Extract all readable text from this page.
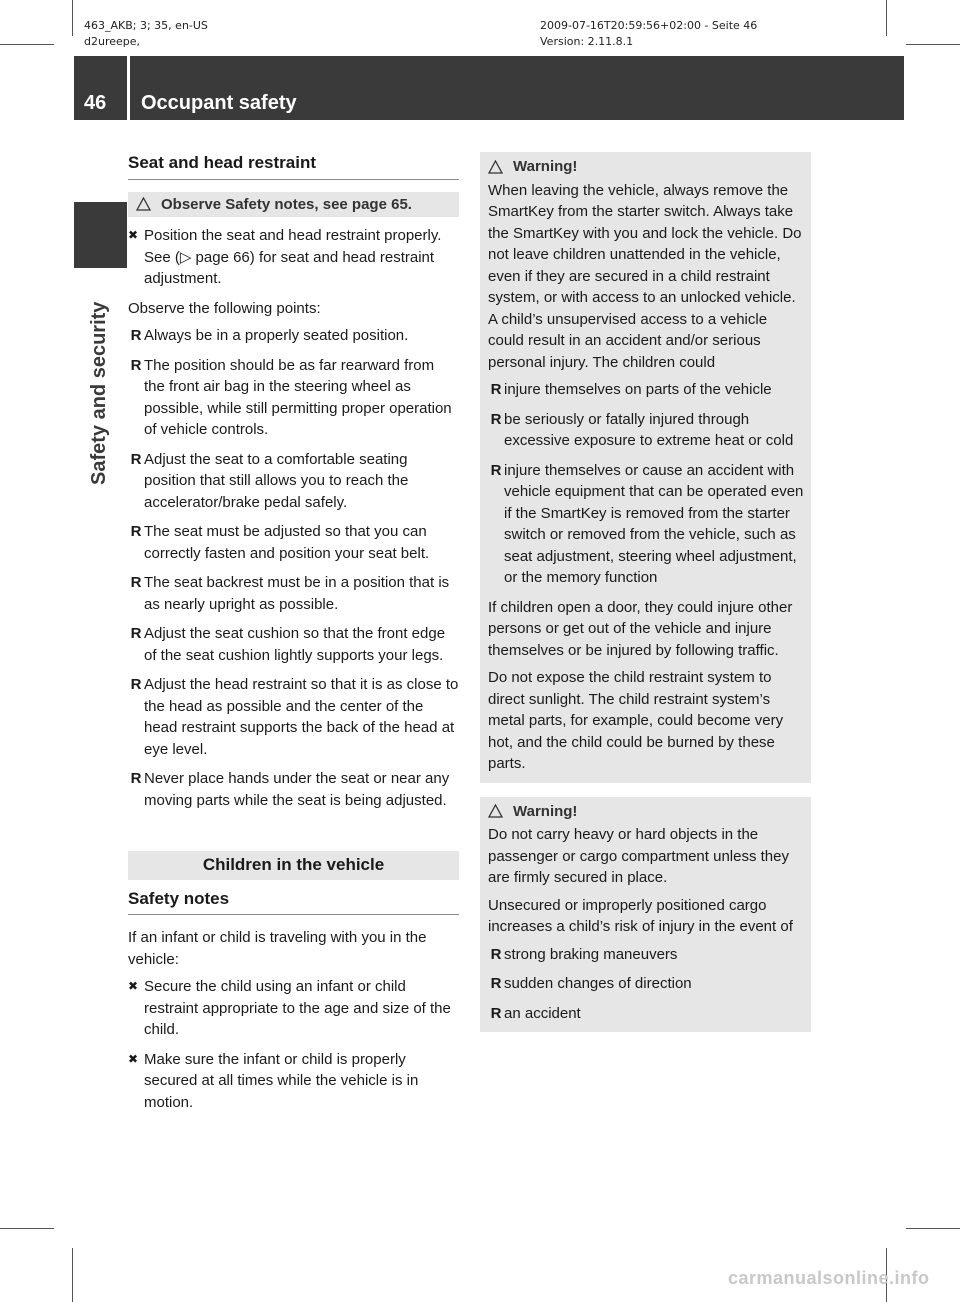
463_AKB; 3; 35, en-US
d2ureepe,
2009-07-16T20:59:56+02:00 - Seite 46
Version: 2.11.8.1
46 Occupant safety
Safety and security
Seat and head restraint
Observe Safety notes, see page 65.
✖ Position the seat and head restraint properly. See (▷ page 66) for seat and head restraint adjustment.

Observe the following points:

R Always be in a properly seated position.
R The position should be as far rearward from the front air bag in the steering wheel as possible, while still permitting proper operation of vehicle controls.
R Adjust the seat to a comfortable seating position that still allows you to reach the accelerator/brake pedal safely.
R The seat must be adjusted so that you can correctly fasten and position your seat belt.
R The seat backrest must be in a position that is as nearly upright as possible.
R Adjust the seat cushion so that the front edge of the seat cushion lightly supports your legs.
R Adjust the head restraint so that it is as close to the head as possible and the center of the head restraint supports the back of the head at eye level.
R Never place hands under the seat or near any moving parts while the seat is being adjusted.
Children in the vehicle
Safety notes

If an infant or child is traveling with you in the vehicle:

✖ Secure the child using an infant or child restraint appropriate to the age and size of the child.
✖ Make sure the infant or child is properly secured at all times while the vehicle is in motion.
Warning!

When leaving the vehicle, always remove the SmartKey from the starter switch. Always take the SmartKey with you and lock the vehicle. Do not leave children unattended in the vehicle, even if they are secured in a child restraint system, or with access to an unlocked vehicle. A child’s unsupervised access to a vehicle could result in an accident and/or serious personal injury. The children could

R injure themselves on parts of the vehicle
R be seriously or fatally injured through excessive exposure to extreme heat or cold
R injure themselves or cause an accident with vehicle equipment that can be operated even if the SmartKey is removed from the starter switch or removed from the vehicle, such as seat adjustment, steering wheel adjustment, or the memory function

If children open a door, they could injure other persons or get out of the vehicle and injure themselves or be injured by following traffic.

Do not expose the child restraint system to direct sunlight. The child restraint system’s metal parts, for example, could become very hot, and the child could be burned by these parts.

Warning!

Do not carry heavy or hard objects in the passenger or cargo compartment unless they are firmly secured in place.

Unsecured or improperly positioned cargo increases a child’s risk of injury in the event of

R strong braking maneuvers
R sudden changes of direction
R an accident
carmanualsonline.info
